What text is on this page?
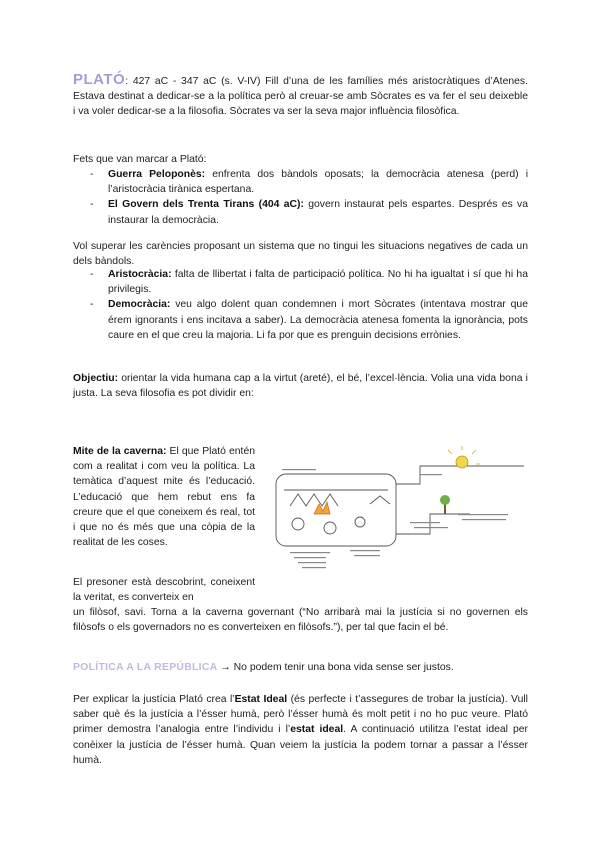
PLATÓ: 427 aC - 347 aC (s. V-IV) Fill d’una de les famílies més aristocràtiques d’Atenes. Estava destinat a dedicar-se a la política però al creuar-se amb Sòcrates es va fer el seu deixeble i va voler dedicar-se a la filosofia. Sòcrates va ser la seva major influència filosòfica.

Fets que van marcar a Plató:

- Guerra Peloponès: enfrenta dos bàndols oposats; la democràcia atenesa (perd) i l’aristocràcia tirànica espertana.
- El Govern dels Trenta Tirans (404 aC): govern instaurat pels espartes. Després es va instaurar la democràcia.

Vol superar les carències proposant un sistema que no tingui les situacions negatives de cada un dels bàndols.

- Aristocràcia: falta de llibertat i falta de participació política. No hi ha igualtat i sí que hi ha privilegis.
- Democràcia: veu algo dolent quan condemnen i mort Sòcrates (intentava mostrar que érem ignorants i ens incitava a saber). La democràcia atenesa fomenta la ignorància, pots caure en el que creu la majoria. Li fa por que es prenguin decisions errònies.

Objectiu: orientar la vida humana cap a la virtut (areté), el bé, l’excel·lència. Volia una vida bona i justa. La seva filosofia es pot dividir en:

Mite de la caverna: El que Plató entén com a realitat i com veu la política. La temàtica d’aquest mite és l’educació. L’educació que hem rebut ens fa creure que el que coneixem és real, tot i que no és més que una còpia de la realitat de les coses.

El presoner està descobrint, coneixent la veritat, es converteix en

un filòsof, savi. Torna a la caverna governant (“No arribarà mai la justícia si no governen els filòsofs o els governadors no es converteixen en filòsofs.”), per tal que facin el bé.

POLÍTICA A LA REPÚBLICA → No podem tenir una bona vida sense ser justos.

Per explicar la justícia Plató crea l’Estat Ideal (és perfecte i t’assegures de trobar la justícia). Vull saber què és la justícia a l’ésser humà, però l’ésser humà és molt petit i no ho puc veure. Plató primer demostra l’analogia entre l’individu i l’estat ideal. A continuació utilitza l’estat ideal per conèixer la justícia de l’ésser humà. Quan veiem la justícia la podem tornar a passar a l’ésser humà.
